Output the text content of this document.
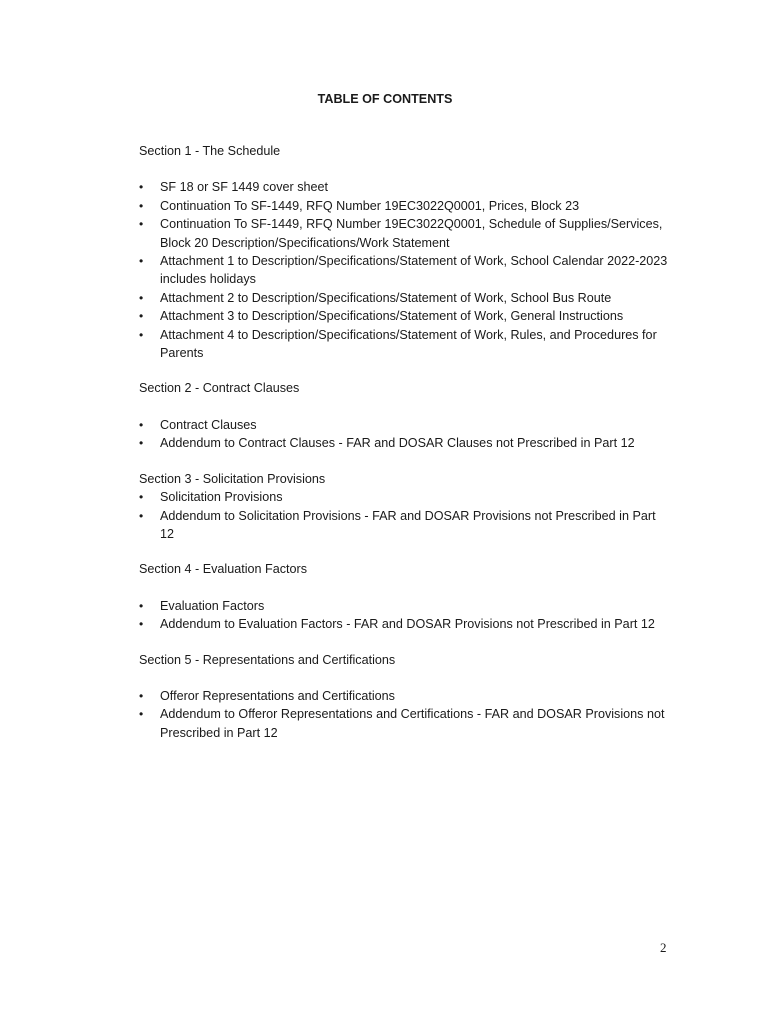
TABLE OF CONTENTS

Section 1 - The Schedule

•	SF 18 or SF 1449 cover sheet
•	Continuation To SF-1449, RFQ Number 19EC3022Q0001, Prices, Block 23
•	Continuation To SF-1449, RFQ Number 19EC3022Q0001, Schedule of Supplies/Services, Block 20 Description/Specifications/Work Statement
•	Attachment 1 to Description/Specifications/Statement of Work, School Calendar 2022-2023 includes holidays
•	Attachment 2 to Description/Specifications/Statement of Work, School Bus Route
•	Attachment 3 to Description/Specifications/Statement of Work, General Instructions
•	Attachment 4 to Description/Specifications/Statement of Work, Rules, and Procedures for Parents

Section 2 - Contract Clauses

•	Contract Clauses
•	Addendum to Contract Clauses - FAR and DOSAR Clauses not Prescribed in Part 12

Section 3 - Solicitation Provisions

•	Solicitation Provisions
•	Addendum to Solicitation Provisions - FAR and DOSAR Provisions not Prescribed in Part 12

Section 4 - Evaluation Factors

•	Evaluation Factors
•	Addendum to Evaluation Factors - FAR and DOSAR Provisions not Prescribed in Part 12

Section 5 - Representations and Certifications

•	Offeror Representations and Certifications
•	Addendum to Offeror Representations and Certifications - FAR and DOSAR Provisions not Prescribed in Part 12
2
